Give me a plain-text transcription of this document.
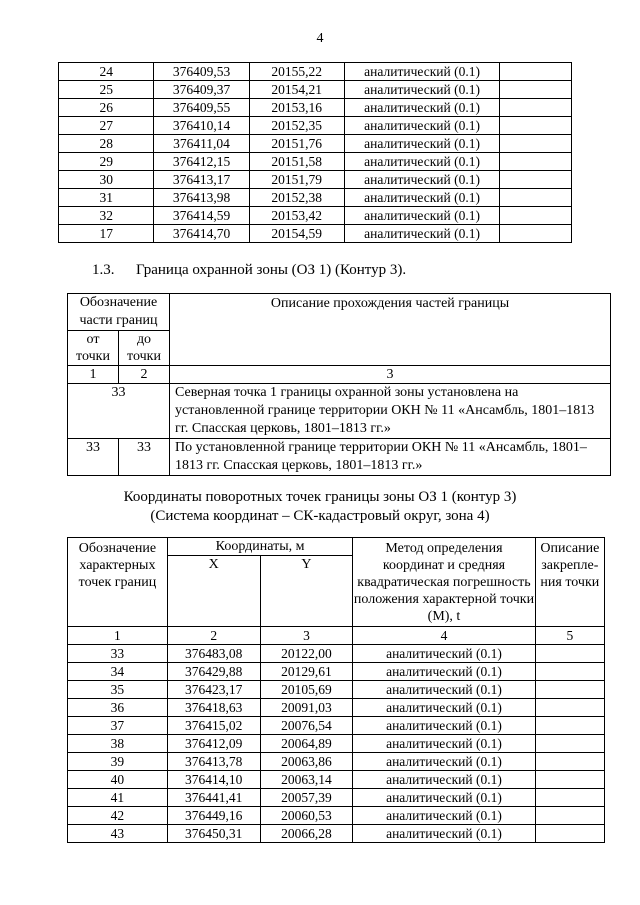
4
24	376409,53	20155,22	аналитический (0.1)	
25	376409,37	20154,21	аналитический (0.1)	
26	376409,55	20153,16	аналитический (0.1)	
27	376410,14	20152,35	аналитический (0.1)	
28	376411,04	20151,76	аналитический (0.1)	
29	376412,15	20151,58	аналитический (0.1)	
30	376413,17	20151,79	аналитический (0.1)	
31	376413,98	20152,38	аналитический (0.1)	
32	376414,59	20153,42	аналитический (0.1)	
17	376414,70	20154,59	аналитический (0.1)	
1.3. Граница охранной зоны (ОЗ 1) (Контур 3).
Обозначение части границ		Описание прохождения частей границы
от точки	до точки	
1	2	3
33		Северная точка 1 границы охранной зоны установлена на установленной границе территории ОКН № 11 «Ансамбль, 1801–1813 гг. Спасская церковь, 1801–1813 гг.»
33	33	По установленной границе территории ОКН № 11 «Ансамбль, 1801–1813 гг. Спасская церковь, 1801–1813 гг.»
Координаты поворотных точек границы зоны ОЗ 1 (контур 3)
(Система координат – СК-кадастровый округ, зона 4)
Обозначение характерных точек границ	Координаты, м		Метод определения координат и средняя квадратическая погрешность положения характерной точки (М), t	Описание закрепле-ния точки
	X	Y		
1	2	3	4	5
33	376483,08	20122,00	аналитический (0.1)	
34	376429,88	20129,61	аналитический (0.1)	
35	376423,17	20105,69	аналитический (0.1)	
36	376418,63	20091,03	аналитический (0.1)	
37	376415,02	20076,54	аналитический (0.1)	
38	376412,09	20064,89	аналитический (0.1)	
39	376413,78	20063,86	аналитический (0.1)	
40	376414,10	20063,14	аналитический (0.1)	
41	376441,41	20057,39	аналитический (0.1)	
42	376449,16	20060,53	аналитический (0.1)	
43	376450,31	20066,28	аналитический (0.1)	
